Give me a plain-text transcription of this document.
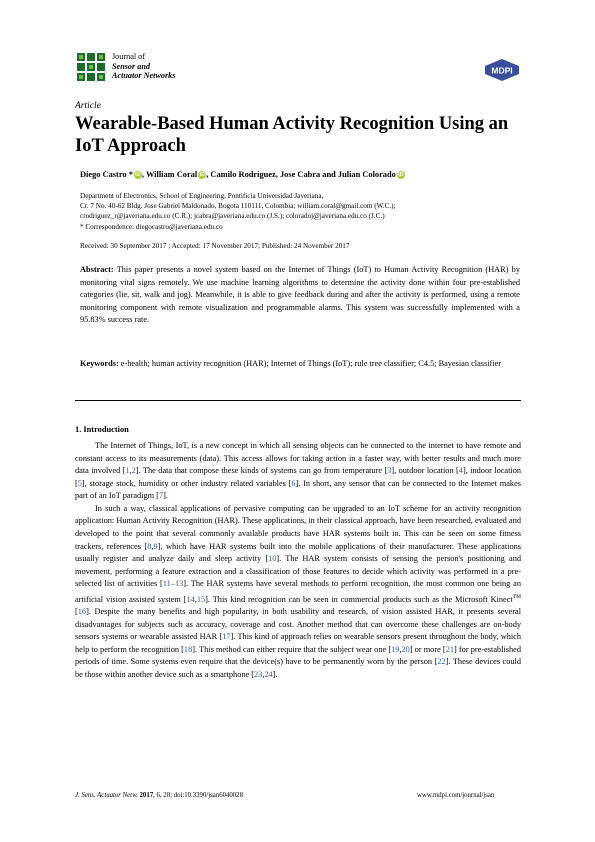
Journal of
Sensor and
Actuator Networks	MDPI
Article
Wearable-Based Human Activity Recognition Using an IoT Approach
Diego Castro * iD, William Coral iD, Camilo Rodriguez, Jose Cabra and Julian Colorado iD
Department of Electronics, School of Engineering, Pontificia Universidad Javeriana,
Cr. 7 No. 40-62 Bldg. Jose Gabriel Maldonado, Bogota 110111, Colombia; william.coral@gmail.com (W.C.);
crodriguez_r@javeriana.edu.co (C.R.); jcabra@javeriana.edu.co (J.S.); coloradoj@javeriana.edu.co (J.C.)
* Correspondence: diegocastro@javeriana.edu.co
Received: 30 September 2017 ; Accepted: 17 November 2017; Published: 24 November 2017
Abstract: This paper presents a novel system based on the Internet of Things (IoT) to Human Activity Recognition (HAR) by monitoring vital signs remotely. We use machine learning algorithms to determine the activity done within four pre-established categories (lie, sit, walk and jog). Meanwhile, it is able to give feedback during and after the activity is performed, using a remote monitoring component with remote visualization and programmable alarms. This system was successfully implemented with a 95.83% success rate.
Keywords: e-health; human activity recognition (HAR); Internet of Things (IoT); rule tree classifier; C4.5; Bayesian classifier
1. Introduction

The Internet of Things, IoT, is a new concept in which all sensing objects can be connected to the internet to have remote and constant access to its measurements (data). This access allows for taking action in a faster way, with better results and much more data involved [1,2]. The data that compose these kinds of systems can go from temperature [3], outdoor location [4], indoor location [5], storage stock, humidity or other industry related variables [6]. In short, any sensor that can be connected to the Internet makes part of an IoT paradigm [7].

In such a way, classical applications of pervasive computing can be upgraded to an IoT scheme for an activity recognition application: Human Activity Recognition (HAR). These applications, in their classical approach, have been researched, evaluated and developed to the point that several commonly available products have HAR systems built in. This can be seen on some fitness trackers, references [8,9], which have HAR systems built into the mobile applications of their manufacturer. These applications usually register and analyze daily and sleep activity [10]. The HAR system consists of sensing the person's positioning and movement, performing a feature extraction and a classification of those features to decide which activity was performed in a pre-selected list of activities [11–13]. The HAR systems have several methods to perform recognition, the most common one being an artificial vision assisted system [14,15]. This kind recognition can be seen in commercial products such as the Microsoft Kinect™ [16]. Despite the many benefits and high popularity, in both usability and research, of vision assisted HAR, it presents several disadvantages for subjects such as accuracy, coverage and cost. Another method that can overcome these challenges are on-body sensors systems or wearable assisted HAR [17]. This kind of approach relies on wearable sensors present throughout the body, which help to perform the recognition [18]. This method can either require that the subject wear one [19,20] or more [21] for pre-established periods of time. Some systems even require that the device(s) have to be permanently worn by the person [22]. These devices could be those within another device such as a smartphone [23,24].

J. Sens. Actuator Netw. 2017, 6, 28; doi:10.3390/jsan6040028	www.mdpi.com/journal/jsan
